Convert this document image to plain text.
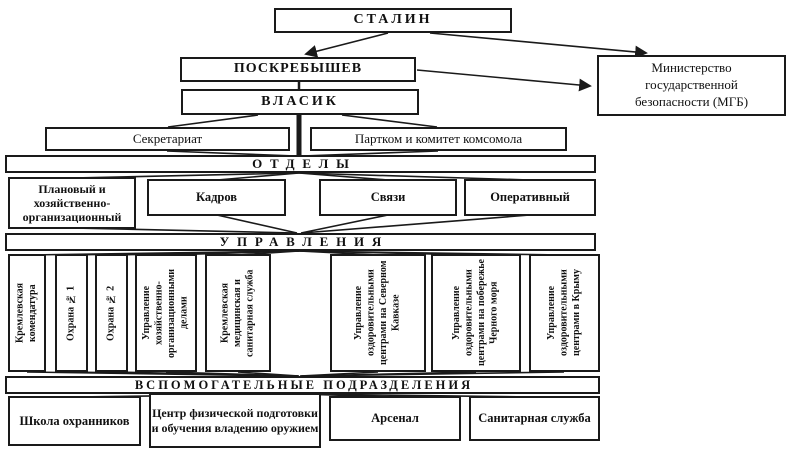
СТАЛИН
ПОСКРЕБЫШЕВ
ВЛАСИК
Министерство государственной безопасности (МГБ)
Секретариат	Партком и комитет комсомола
ОТДЕЛЫ
Плановый и хозяйственно-организационный
Кадров	Связи	Оперативный
УПРАВЛЕНИЯ
Кремлевская комендатура	Охрана № 1	Охрана № 2	Управление хозяйственно-организационными делами	Кремлевская медицинская и санитарная служба	Управление оздоровительными центрами на Северном Кавказе	Управление оздоровительными центрами на побережье Черного моря	Управление оздоровительными центрами в Крыму
ВСПОМОГАТЕЛЬНЫЕ ПОДРАЗДЕЛЕНИЯ
Школа охранников
Центр физической подготовки и обучения владению оружием
Арсенал	Санитарная служба
